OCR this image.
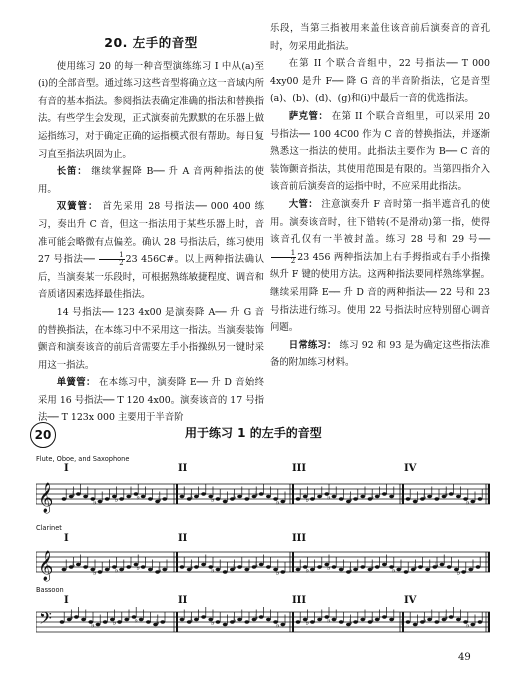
20. 左手的音型

使用练习 20 的每一种音型演练练习 I 中从(a)至(i)的全部音型。通过练习这些音型将确立这一音域内所有音的基本指法。参阅指法表确定准确的指法和替换指法。有些学生会发现，正式演奏前先默默的在乐器上做运指练习，对于确定正确的运指模式很有帮助。每日复习直至指法巩固为止。

长笛： 继续掌握降 B── 升 A 音两种指法的使用。

双簧管： 首先采用 28 号指法── 000 400 练习，奏出升 C 音，但这一指法用于某些乐器上时，音准可能会略微有点偏差。确认 28 号指法后，练习使用 27 号指法── $\frac{1}{2} 23$ 456C#。以上两种指法确认后，当演奏某一乐段时，可根据熟练敏捷程度、调音和音质诸因素选择最佳指法。

14 号指法── 123 4x00 是演奏降 A── 升 G 音的替换指法，在本练习中不采用这一指法。当演奏装饰颤音和演奏该音的前后音需要左手小指操纵另一键时采用这一指法。

单簧管： 在本练习中，演奏降 E── 升 D 音始终采用 16 号指法── T 120 4x00。演奏该音的 17 号指法── T 123x 000 主要用于半音阶

乐段，当第三指被用来盖住该音前后演奏音的音孔时，勿采用此指法。

在第 II 个联合音组中，22 号指法── T 000 4xy00 是升 F── 降 G 音的半音阶指法，它是音型(a)、(b)、(d)、(g)和(i)中最后一音的优选指法。

萨克管： 在第 II 个联合音组里，可以采用 20 号指法── 100 4C00 作为 C 音的替换指法，并逐渐熟悉这一指法的使用。此指法主要作为 B── C 音的装饰颤音指法，其使用范围是有限的。当第四指介入该音前后演奏音的运指中时，不应采用此指法。

大管： 注意演奏升 F 音时第一指半遮音孔的使用。演奏该音时，往下错转(不是滑动)第一指，使得该音孔仅有一半被封盖。练习 28 号和 29 号──
$\frac{1}{2} 23$ 456 两种指法加上右手拇指或右手小指操纵升 F 键的使用方法。这两种指法要同样熟练掌握。继续采用降 E── 升 D 音的两种指法── 22 号和 23 号指法进行练习。使用 22 号指法时应特别留心调音问题。

日常练习： 练习 92 和 93 是为确定这些指法准备的附加练习材料。

20	用于练习 1 的左手的音型
Flute, Oboe, and Saxophone
I	II	III	IV
𝄞 ♭
♭ ♭ ♭ ♭	♭ ♭ ♭ ♭
♭	♭ ♭ ♭ ♭	♭ ♭ ♭
♭
Clarinet
I	II	III
𝄞 ♭
♭ ♭ ♭ ♭	♭ ♭ ♭ ♭
♭	♭ ♭ ♭ ♭ ♭ ♭ ♭
♭
Bassoon
I	II	III	IV
𝄢 ♭
♭ ♭ ♭ ♭	♭ ♭ ♭ ♭
♭	♭ ♭ ♭ ♭	♭ ♭ ♭
♭
49
